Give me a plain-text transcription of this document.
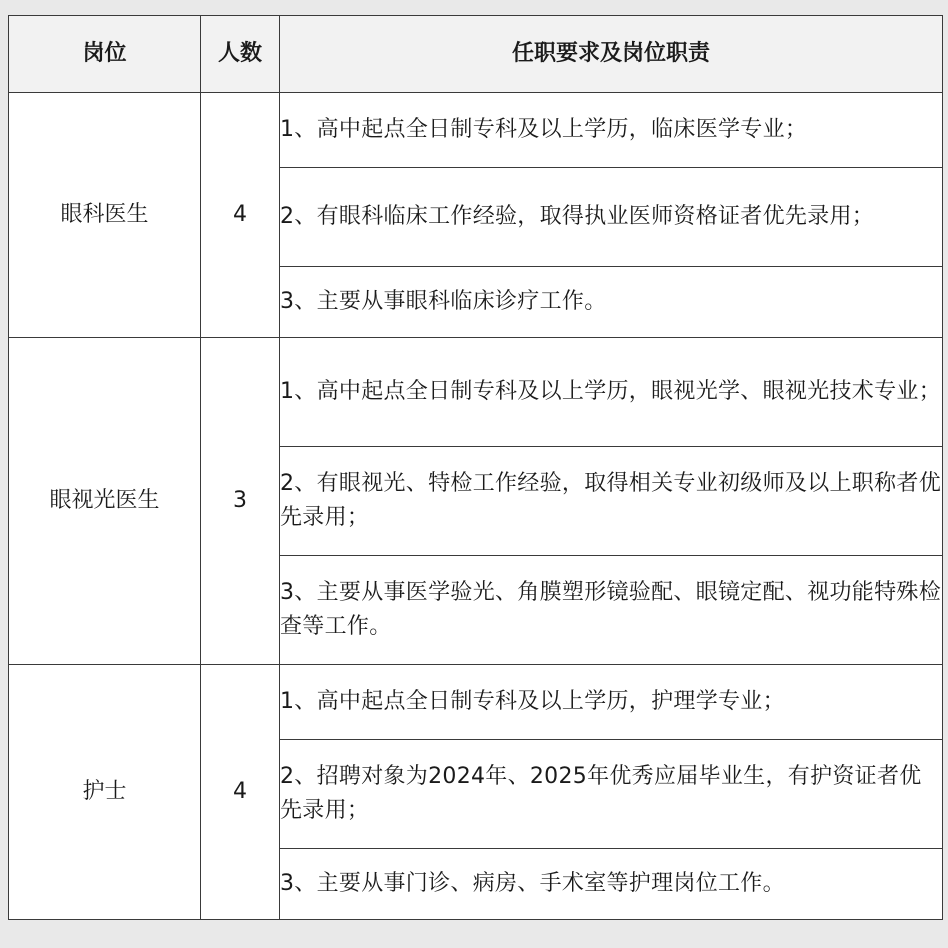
岗位	人数	任职要求及岗位职责
眼科医生	4	1、高中起点全日制专科及以上学历，临床医学专业；
		2、有眼科临床工作经验，取得执业医师资格证者优先录用；
		3、主要从事眼科临床诊疗工作。
眼视光医生	3	1、高中起点全日制专科及以上学历，眼视光学、眼视光技术专业；
		2、有眼视光、特检工作经验，取得相关专业初级师及以上职称者优先录用；
		3、主要从事医学验光、角膜塑形镜验配、眼镜定配、视功能特殊检查等工作。
护士	4	1、高中起点全日制专科及以上学历，护理学专业；
		2、招聘对象为2024年、2025年优秀应届毕业生，有护资证者优先录用；
		3、主要从事门诊、病房、手术室等护理岗位工作。
